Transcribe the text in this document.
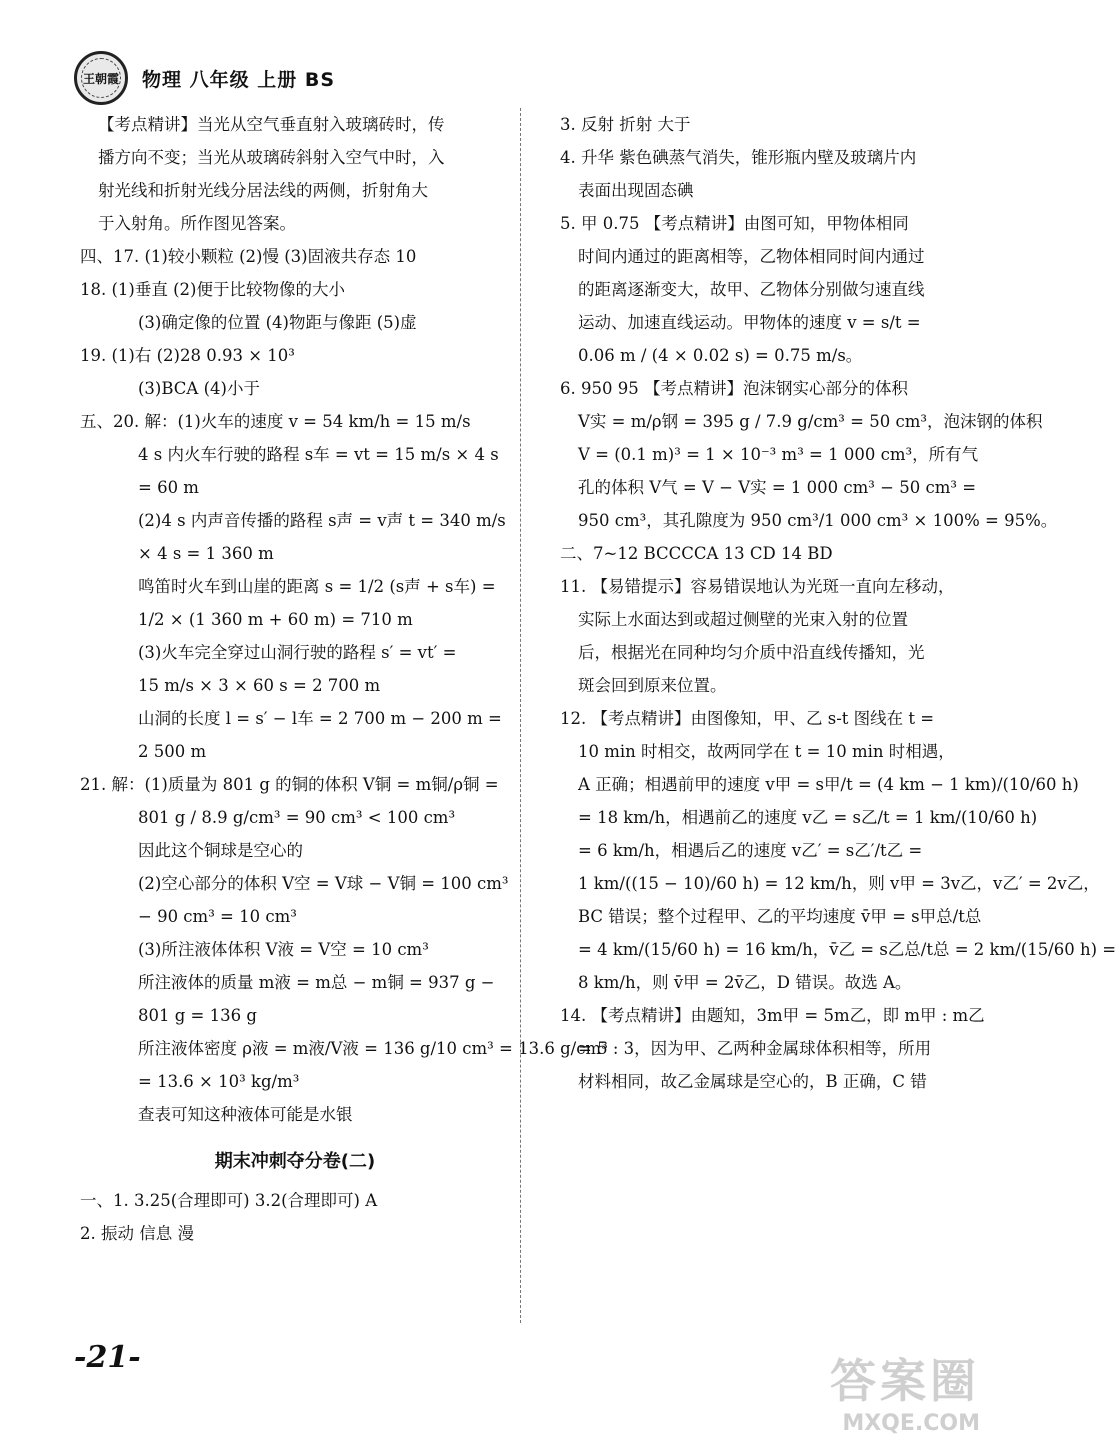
王朝霞 物理 八年级 上册 BS
【考点精讲】当光从空气垂直射入玻璃砖时，传
播方向不变；当光从玻璃砖斜射入空气中时，入
射光线和折射光线分居法线的两侧，折射角大
于入射角。所作图见答案。
四、17. (1)较小颗粒 (2)慢 (3)固液共存态 10
18. (1)垂直 (2)便于比较物像的大小
(3)确定像的位置 (4)物距与像距 (5)虚
19. (1)右 (2)28 0.93 × 10³
(3)BCA (4)小于
五、20. 解：(1)火车的速度 v = 54 km/h = 15 m/s
4 s 内火车行驶的路程 s车 = vt = 15 m/s × 4 s
= 60 m
(2)4 s 内声音传播的路程 s声 = v声 t = 340 m/s
× 4 s = 1 360 m
鸣笛时火车到山崖的距离 s = 1/2 (s声 + s车) =
1/2 × (1 360 m + 60 m) = 710 m
(3)火车完全穿过山洞行驶的路程 s′ = vt′ =
15 m/s × 3 × 60 s = 2 700 m
山洞的长度 l = s′ − l车 = 2 700 m − 200 m =
2 500 m
21. 解：(1)质量为 801 g 的铜的体积 V铜 = m铜/ρ铜 =
801 g / 8.9 g/cm³ = 90 cm³ < 100 cm³
因此这个铜球是空心的
(2)空心部分的体积 V空 = V球 − V铜 = 100 cm³
− 90 cm³ = 10 cm³
(3)所注液体体积 V液 = V空 = 10 cm³
所注液体的质量 m液 = m总 − m铜 = 937 g −
801 g = 136 g
所注液体密度 ρ液 = m液/V液 = 136 g/10 cm³ = 13.6 g/cm³
= 13.6 × 10³ kg/m³
查表可知这种液体可能是水银
期末冲刺夺分卷(二)
一、1. 3.25(合理即可) 3.2(合理即可) A
2. 振动 信息 漫
3. 反射 折射 大于
4. 升华 紫色碘蒸气消失，锥形瓶内壁及玻璃片内
表面出现固态碘
5. 甲 0.75 【考点精讲】由图可知，甲物体相同
时间内通过的距离相等，乙物体相同时间内通过
的距离逐渐变大，故甲、乙物体分别做匀速直线
运动、加速直线运动。甲物体的速度 v = s/t =
0.06 m / (4 × 0.02 s) = 0.75 m/s。
6. 950 95 【考点精讲】泡沫钢实心部分的体积
V实 = m/ρ钢 = 395 g / 7.9 g/cm³ = 50 cm³，泡沫钢的体积
V = (0.1 m)³ = 1 × 10⁻³ m³ = 1 000 cm³，所有气
孔的体积 V气 = V − V实 = 1 000 cm³ − 50 cm³ =
950 cm³，其孔隙度为 950 cm³/1 000 cm³ × 100% = 95%。
二、7~12 BCCCCA 13 CD 14 BD
11. 【易错提示】容易错误地认为光斑一直向左移动，
实际上水面达到或超过侧壁的光束入射的位置
后，根据光在同种均匀介质中沿直线传播知，光
斑会回到原来位置。
12. 【考点精讲】由图像知，甲、乙 s-t 图线在 t =
10 min 时相交，故两同学在 t = 10 min 时相遇，
A 正确；相遇前甲的速度 v甲 = s甲/t = (4 km − 1 km)/(10/60 h)
= 18 km/h，相遇前乙的速度 v乙 = s乙/t = 1 km/(10/60 h)
= 6 km/h，相遇后乙的速度 v乙′ = s乙′/t乙 =
1 km/((15 − 10)/60 h) = 12 km/h，则 v甲 = 3v乙，v乙′ = 2v乙，
BC 错误；整个过程甲、乙的平均速度 v̄甲 = s甲总/t总
= 4 km/(15/60 h) = 16 km/h，v̄乙 = s乙总/t总 = 2 km/(15/60 h) =
8 km/h，则 v̄甲 = 2v̄乙，D 错误。故选 A。
14. 【考点精讲】由题知，3m甲 = 5m乙，即 m甲 : m乙
= 5 : 3，因为甲、乙两种金属球体积相等，所用
材料相同，故乙金属球是空心的，B 正确，C 错
-21-	答案圈
MXQE.COM
